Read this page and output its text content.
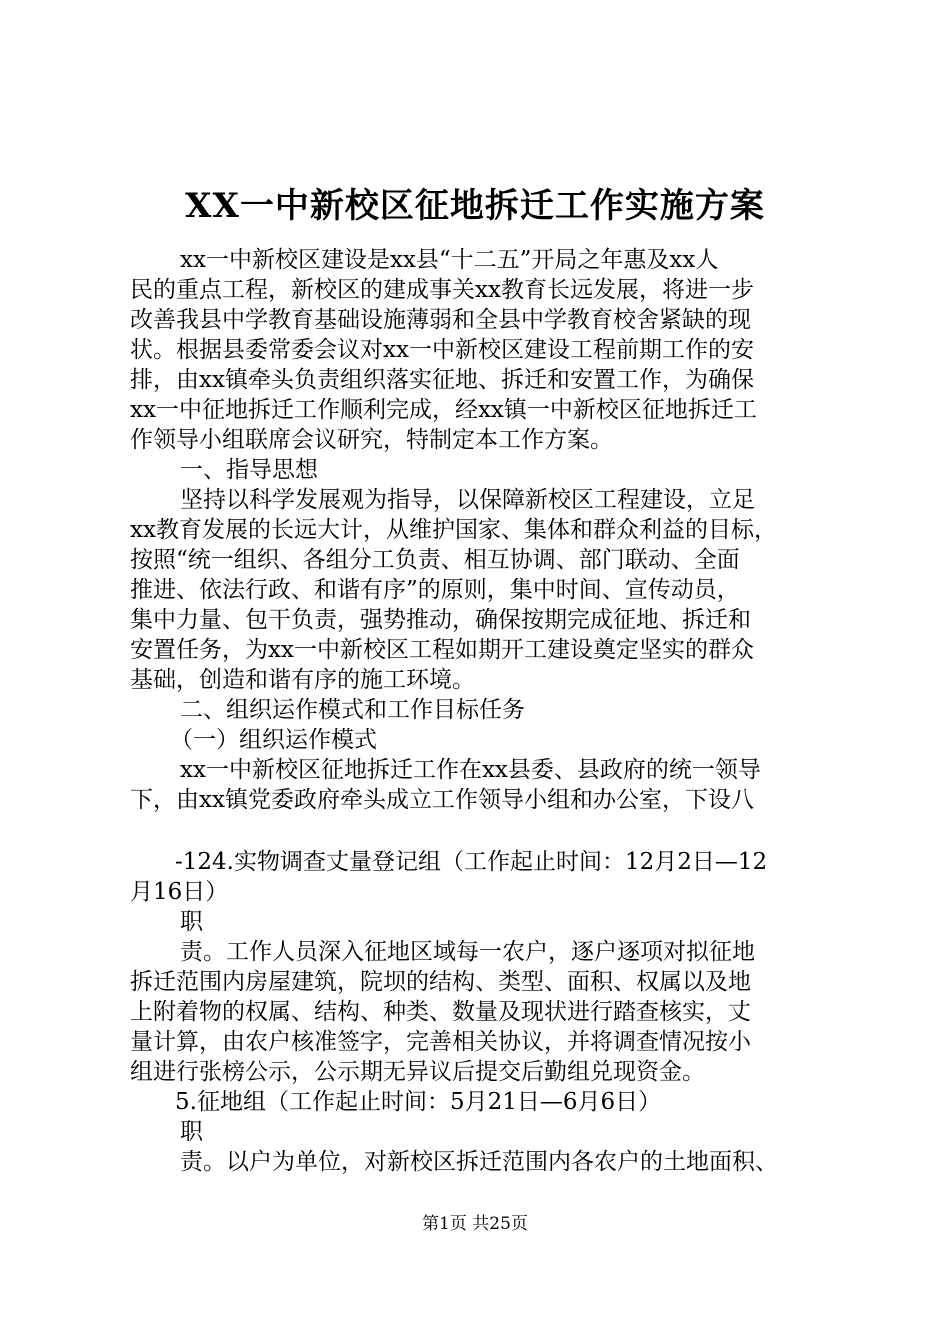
XX一中新校区征地拆迁工作实施方案
xx一中新校区建设是xx县“十二五”开局之年惠及xx人
民的重点工程，新校区的建成事关xx教育长远发展，将进一步
改善我县中学教育基础设施薄弱和全县中学教育校舍紧缺的现
状。根据县委常委会议对xx一中新校区建设工程前期工作的安
排，由xx镇牵头负责组织落实征地、拆迁和安置工作，为确保
xx一中征地拆迁工作顺利完成，经xx镇一中新校区征地拆迁工
作领导小组联席会议研究，特制定本工作方案。
一、指导思想
坚持以科学发展观为指导，以保障新校区工程建设，立足
xx教育发展的长远大计，从维护国家、集体和群众利益的目标，
按照“统一组织、各组分工负责、相互协调、部门联动、全面
推进、依法行政、和谐有序”的原则，集中时间、宣传动员，
集中力量、包干负责，强势推动，确保按期完成征地、拆迁和
安置任务，为xx一中新校区工程如期开工建设奠定坚实的群众
基础，创造和谐有序的施工环境。
二、组织运作模式和工作目标任务
（一）组织运作模式
xx一中新校区征地拆迁工作在xx县委、县政府的统一领导
下，由xx镇党委政府牵头成立工作领导小组和办公室，下设八
-124.实物调查丈量登记组（工作起止时间：12月2日—12
月16日）
职
责。工作人员深入征地区域每一农户，逐户逐项对拟征地
拆迁范围内房屋建筑，院坝的结构、类型、面积、权属以及地
上附着物的权属、结构、种类、数量及现状进行踏查核实，丈
量计算，由农户核准签字，完善相关协议，并将调查情况按小
组进行张榜公示，公示期无异议后提交后勤组兑现资金。
5.征地组（工作起止时间：5月21日—6月6日）
职
责。以户为单位，对新校区拆迁范围内各农户的土地面积、
第1页 共25页
